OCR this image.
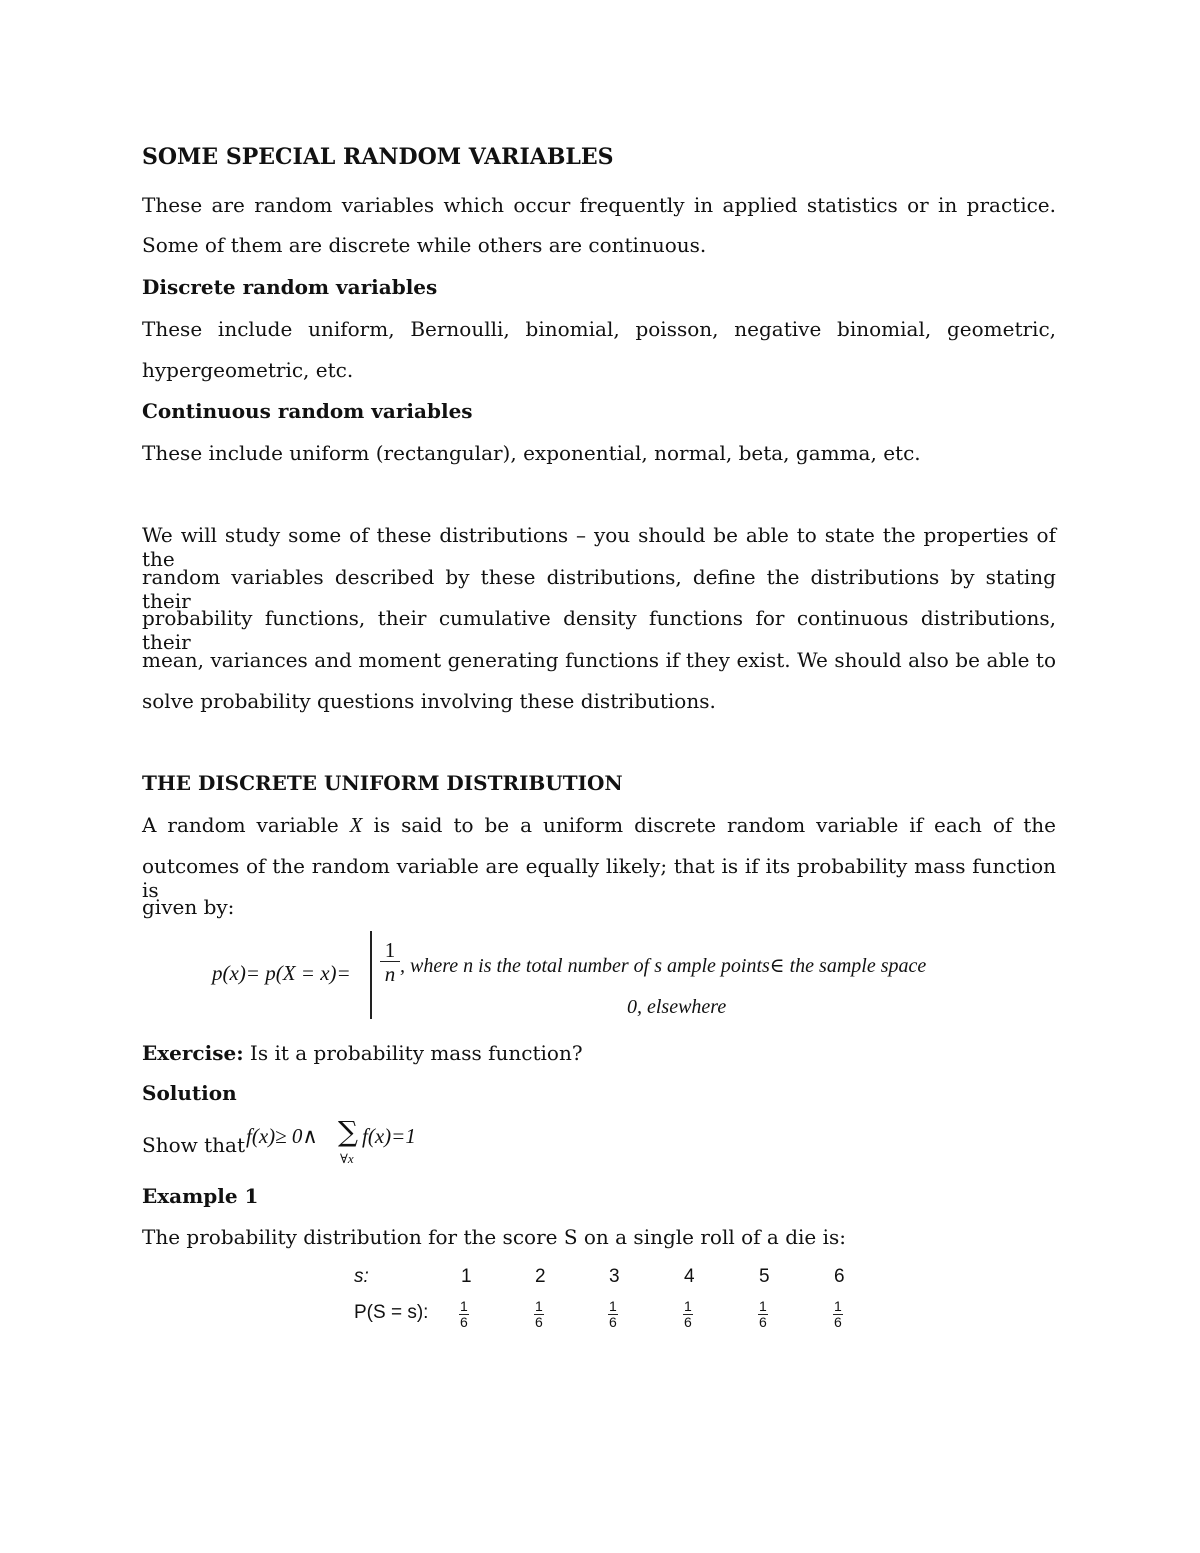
SOME SPECIAL RANDOM VARIABLES
These are random variables which occur frequently in applied statistics or in practice.
Some of them are discrete while others are continuous.
Discrete random variables
These include uniform, Bernoulli, binomial, poisson, negative binomial, geometric,
hypergeometric, etc.
Continuous random variables
These include uniform (rectangular), exponential, normal, beta, gamma, etc.
We will study some of these distributions – you should be able to state the properties of the
random variables described by these distributions, define the distributions by stating their
probability functions, their cumulative density functions for continuous distributions, their
mean, variances and moment generating functions if they exist. We should also be able to
solve probability questions involving these distributions.
THE DISCRETE UNIFORM DISTRIBUTION
A random variable X is said to be a uniform discrete random variable if each of the
outcomes of the random variable are equally likely; that is if its probability mass function is
given by:
$p(x)= p(X = x)= \frac{1}{n}$ , where n is the total number of s ample points∈ the sample space
0, elsewhere
Exercise: Is it a probability mass function?
Solution
Show that f(x)≥ 0∧ ∑
∀x
f(x)=1
Example 1
The probability distribution for the score S on a single roll of a die is:
s:	1	2	3	4	5	6
P(S = s): $\frac{1}{6}$	$\frac{1}{6}$	$\frac{1}{6}$	$\frac{1}{6}$	$\frac{1}{6}$	$\frac{1}{6}$
